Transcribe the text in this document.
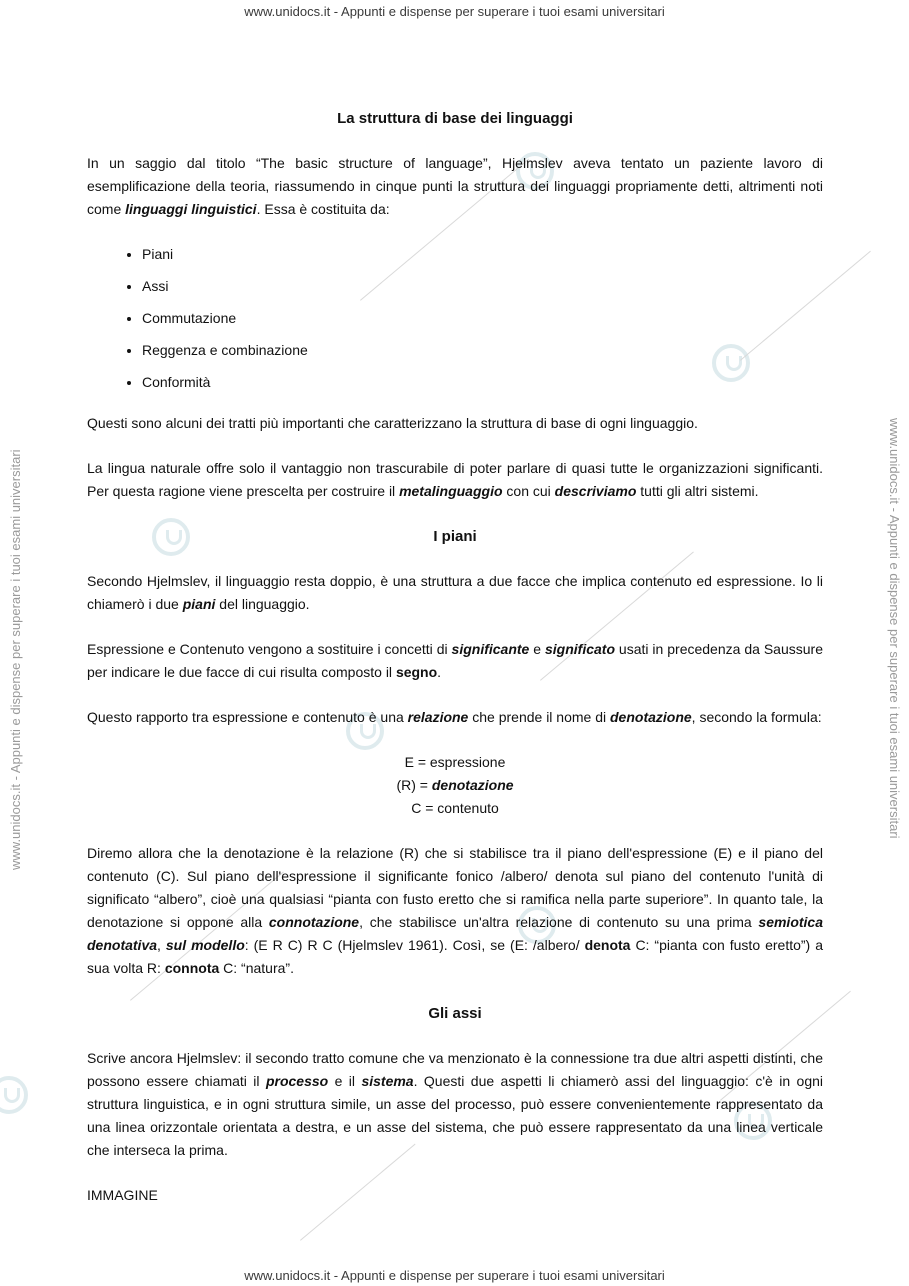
www.unidocs.it - Appunti e dispense per superare i tuoi esami universitari
www.unidocs.it - Appunti e dispense per superare i tuoi esami universitari
www.unidocs.it - Appunti e dispense per superare i tuoi esami universitari	www.unidocs.it - Appunti e dispense per superare i tuoi esami universitari
La struttura di base dei linguaggi

In un saggio dal titolo “The basic structure of language”, Hjelmslev aveva tentato un paziente lavoro di esemplificazione della teoria, riassumendo in cinque punti la struttura dei linguaggi propriamente detti, altrimenti noti come linguaggi linguistici. Essa è costituita da:

• Piani
• Assi
• Commutazione
• Reggenza e combinazione
• Conformità

Questi sono alcuni dei tratti più importanti che caratterizzano la struttura di base di ogni linguaggio.

La lingua naturale offre solo il vantaggio non trascurabile di poter parlare di quasi tutte le organizzazioni significanti. Per questa ragione viene prescelta per costruire il metalinguaggio con cui descriviamo tutti gli altri sistemi.

I piani

Secondo Hjelmslev, il linguaggio resta doppio, è una struttura a due facce che implica contenuto ed espressione. Io li chiamerò i due piani del linguaggio.

Espressione e Contenuto vengono a sostituire i concetti di significante e significato usati in precedenza da Saussure per indicare le due facce di cui risulta composto il segno.

Questo rapporto tra espressione e contenuto è una relazione che prende il nome di denotazione, secondo la formula:

E = espressione
(R) = denotazione
C = contenuto

Diremo allora che la denotazione è la relazione (R) che si stabilisce tra il piano dell'espressione (E) e il piano del contenuto (C). Sul piano dell'espressione il significante fonico /albero/ denota sul piano del contenuto l'unità di significato “albero”, cioè una qualsiasi “pianta con fusto eretto che si ramifica nella parte superiore”. In quanto tale, la denotazione si oppone alla connotazione, che stabilisce un'altra relazione di contenuto su una prima semiotica denotativa, sul modello: (E R C) R C (Hjelmslev 1961). Così, se (E: /albero/ denota C: “pianta con fusto eretto”) a sua volta R: connota C: “natura”.

Gli assi

Scrive ancora Hjelmslev: il secondo tratto comune che va menzionato è la connessione tra due altri aspetti distinti, che possono essere chiamati il processo e il sistema. Questi due aspetti li chiamerò assi del linguaggio: c'è in ogni struttura linguistica, e in ogni struttura simile, un asse del processo, può essere convenientemente rappresentato da una linea orizzontale orientata a destra, e un asse del sistema, che può essere rappresentato da una linea verticale che interseca la prima.

IMMAGINE
